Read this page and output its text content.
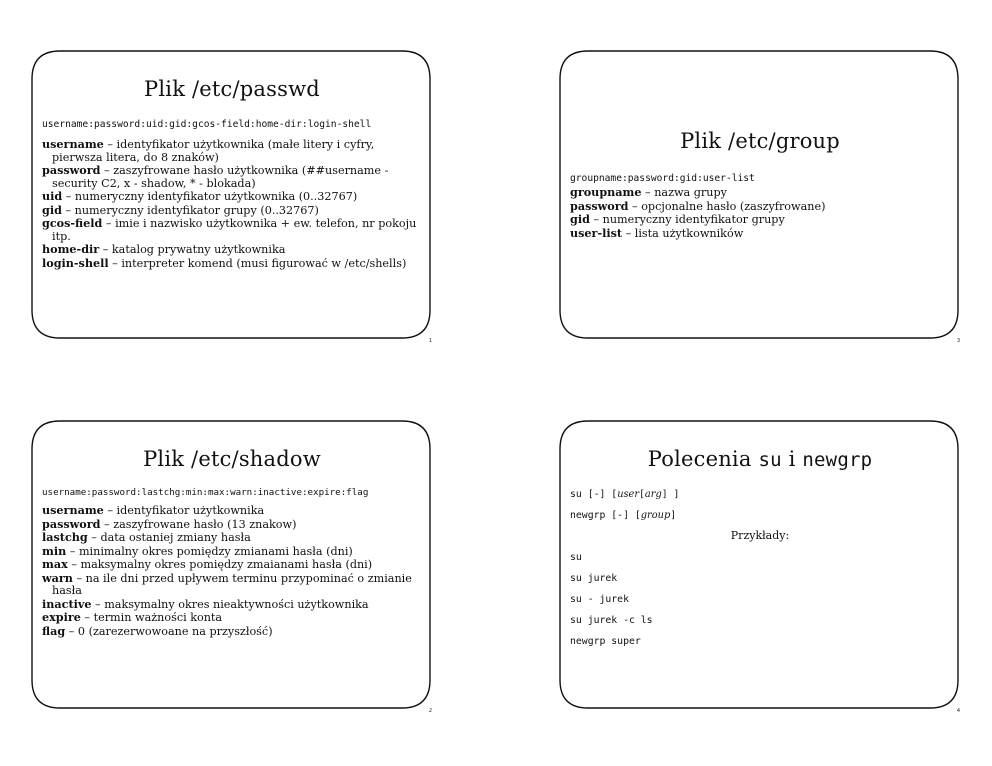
Plik /etc/passwd

username:password:uid:gid:gcos-field:home-dir:login-shell

username – identyfikator użytkownika (małe litery i cyfry, pierwsza litera, do 8 znaków)
password – zaszyfrowane hasło użytkownika (##username - security C2, x - shadow, * - blokada)
uid – numeryczny identyfikator użytkownika (0..32767)
gid – numeryczny identyfikator grupy (0..32767)
gcos-field – imie i nazwisko użytkownika + ew. telefon, nr pokoju itp.
home-dir – katalog prywatny użytkownika
login-shell – interpreter komend (musi figurować w /etc/shells)
1
Plik /etc/group

groupname:password:gid:user-list

groupname – nazwa grupy
password – opcjonalne hasło (zaszyfrowane)
gid – numeryczny identyfikator grupy
user-list – lista użytkowników
3
Plik /etc/shadow

username:password:lastchg:min:max:warn:inactive:expire:flag

username – identyfikator użytkownika
password – zaszyfrowane hasło (13 znakow)
lastchg – data ostaniej zmiany hasła
min – minimalny okres pomiędzy zmianami hasła (dni)
max – maksymalny okres pomiędzy zmaianami hasła (dni)
warn – na ile dni przed upływem terminu przypominać o zmianie hasła
inactive – maksymalny okres nieaktywności użytkownika
expire – termin ważności konta
flag – 0 (zarezerwowoane na przyszłość)
2
Polecenia su i newgrp

su [-] [user[arg] ]

newgrp [-] [group]

Przykłady:

su

su jurek

su - jurek

su jurek -c ls

newgrp super

4
